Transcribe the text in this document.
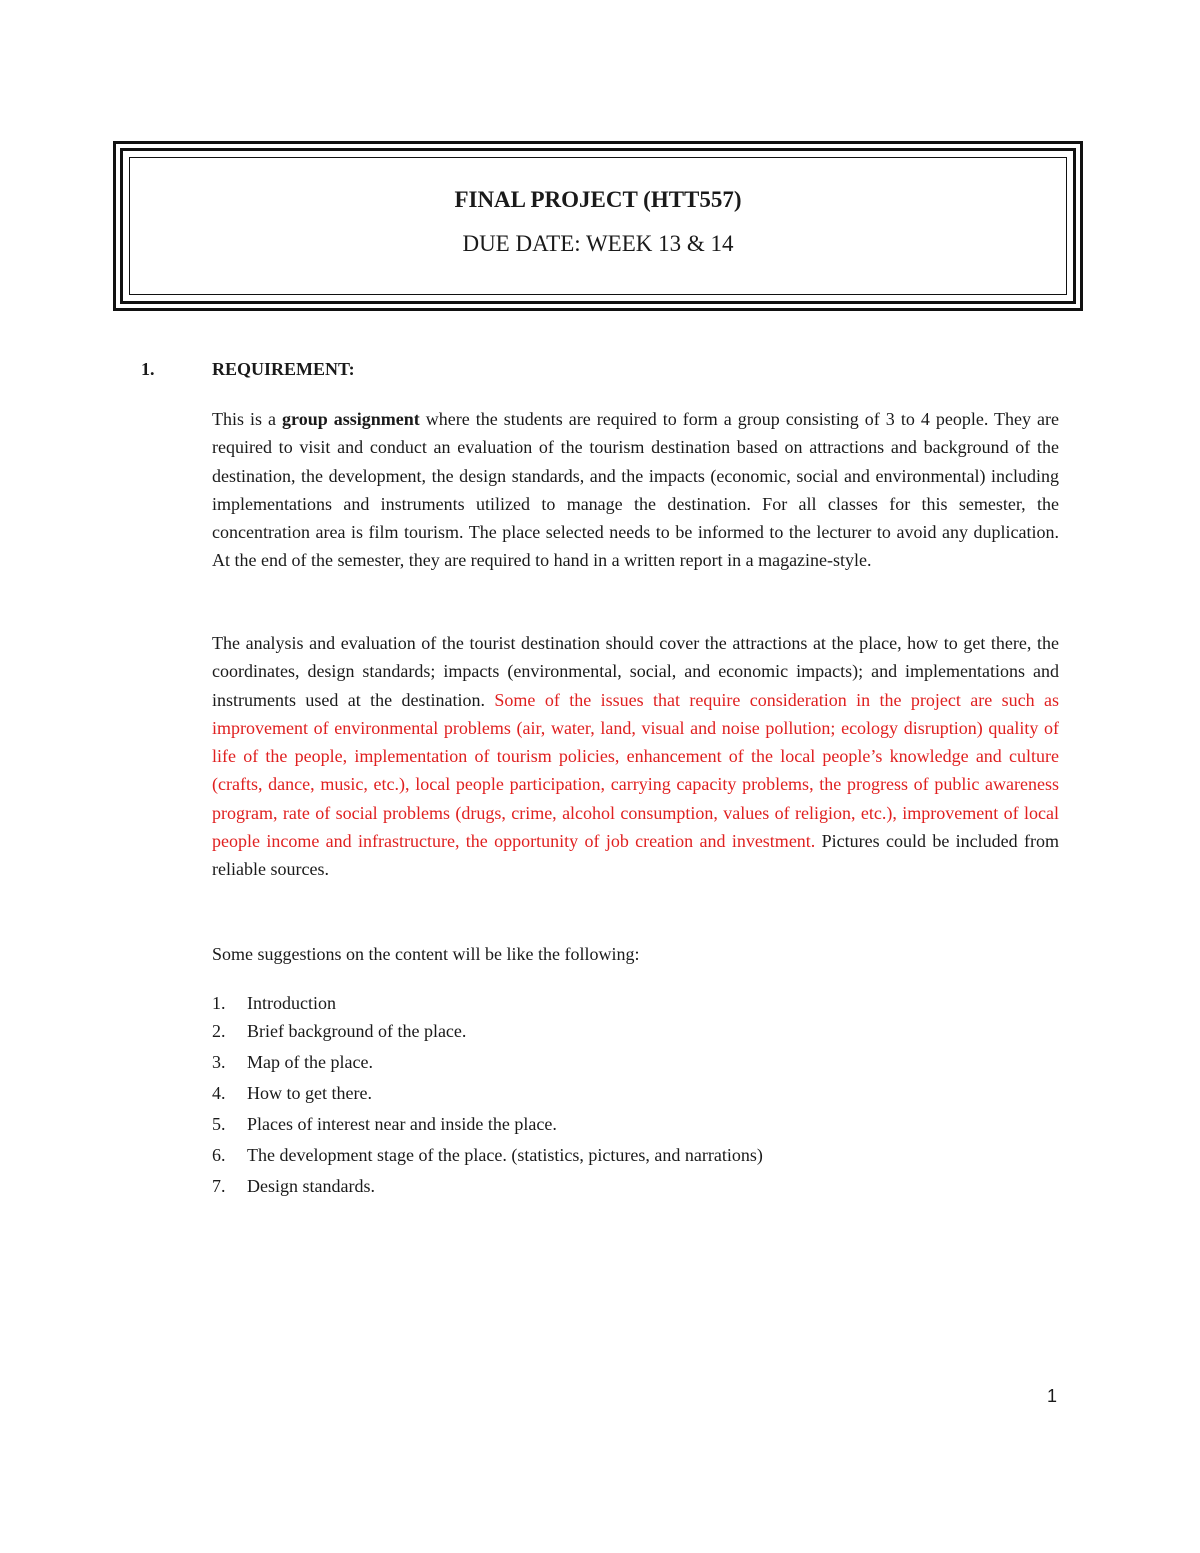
FINAL PROJECT (HTT557)
DUE DATE: WEEK 13 & 14
1.	REQUIREMENT:

This is a group assignment where the students are required to form a group consisting of 3 to 4 people. They are required to visit and conduct an evaluation of the tourism destination based on attractions and background of the destination, the development, the design standards, and the impacts (economic, social and environmental) including implementations and instruments utilized to manage the destination. For all classes for this semester, the concentration area is film tourism. The place selected needs to be informed to the lecturer to avoid any duplication. At the end of the semester, they are required to hand in a written report in a magazine-style.

The analysis and evaluation of the tourist destination should cover the attractions at the place, how to get there, the coordinates, design standards; impacts (environmental, social, and economic impacts); and implementations and instruments used at the destination. Some of the issues that require consideration in the project are such as improvement of environmental problems (air, water, land, visual and noise pollution; ecology disruption) quality of life of the people, implementation of tourism policies, enhancement of the local people’s knowledge and culture (crafts, dance, music, etc.), local people participation, carrying capacity problems, the progress of public awareness program, rate of social problems (drugs, crime, alcohol consumption, values of religion, etc.), improvement of local people income and infrastructure, the opportunity of job creation and investment. Pictures could be included from reliable sources.

Some suggestions on the content will be like the following:

1. Introduction
2. Brief background of the place.
3. Map of the place.
4. How to get there.
5. Places of interest near and inside the place.
6. The development stage of the place. (statistics, pictures, and narrations)
7. Design standards.
1
